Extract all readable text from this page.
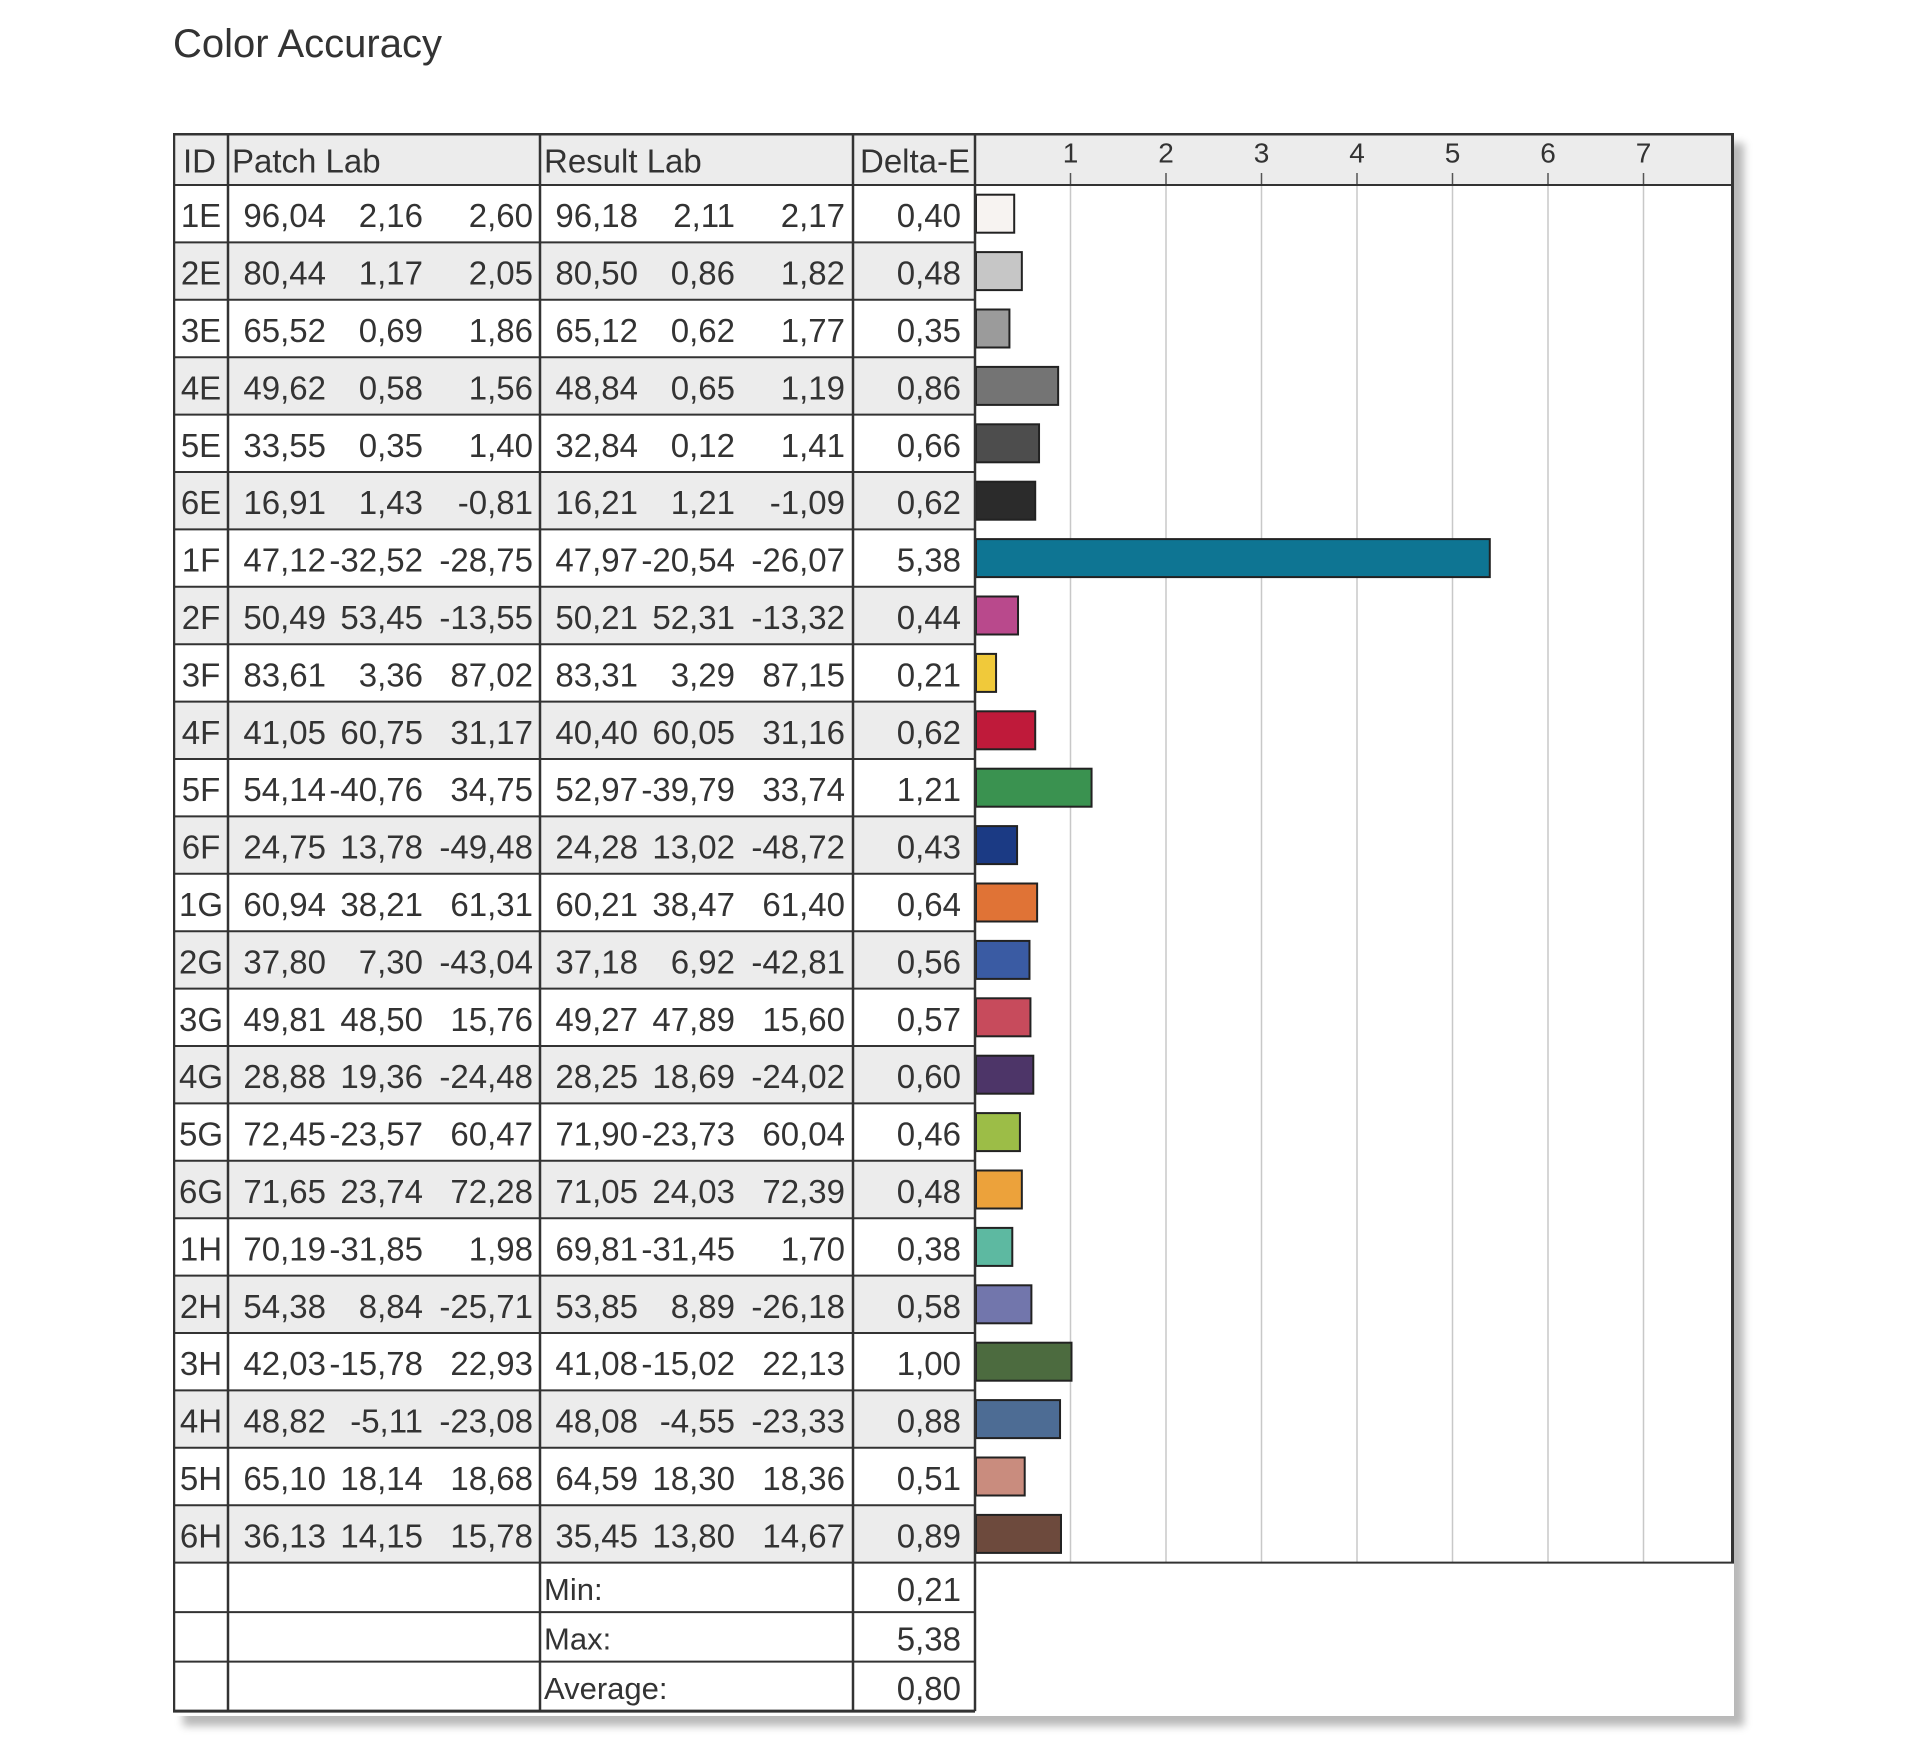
Color Accuracy
1	2	3	4	5	6	7
ID Patch Lab	Result Lab	Delta-E
1E 96,04 2,16 2,60 96,18 2,11 2,17 0,40
2E 80,44 1,17 2,05 80,50 0,86 1,82 0,48
3E 65,52 0,69 1,86 65,12 0,62 1,77 0,35
4E 49,62 0,58 1,56 48,84 0,65 1,19 0,86
5E 33,55 0,35 1,40 32,84 0,12 1,41 0,66
6E 16,91 1,43 -0,81 16,21 1,21 -1,09 0,62
1F 47,12 -32,52 -28,75 47,97 -20,54 -26,07 5,38
2F 50,49 53,45 -13,55 50,21 52,31 -13,32 0,44
3F 83,61 3,36 87,02 83,31 3,29 87,15 0,21
4F 41,05 60,75 31,17 40,40 60,05 31,16 0,62
5F 54,14 -40,76 34,75 52,97 -39,79 33,74 1,21
6F 24,75 13,78 -49,48 24,28 13,02 -48,72 0,43
1G 60,94 38,21 61,31 60,21 38,47 61,40 0,64
2G 37,80 7,30 -43,04 37,18 6,92 -42,81 0,56
3G 49,81 48,50 15,76 49,27 47,89 15,60 0,57
4G 28,88 19,36 -24,48 28,25 18,69 -24,02 0,60
5G 72,45 -23,57 60,47 71,90 -23,73 60,04 0,46
6G 71,65 23,74 72,28 71,05 24,03 72,39 0,48
1H 70,19 -31,85 1,98 69,81 -31,45 1,70 0,38
2H 54,38 8,84 -25,71 53,85 8,89 -26,18 0,58
3H 42,03 -15,78 22,93 41,08 -15,02 22,13 1,00
4H 48,82 -5,11 -23,08 48,08 -4,55 -23,33 0,88
5H 65,10 18,14 18,68 64,59 18,30 18,36 0,51
6H 36,13 14,15 15,78 35,45 13,80 14,67 0,89
Min:	0,21
Max:	5,38
Average:	0,80
